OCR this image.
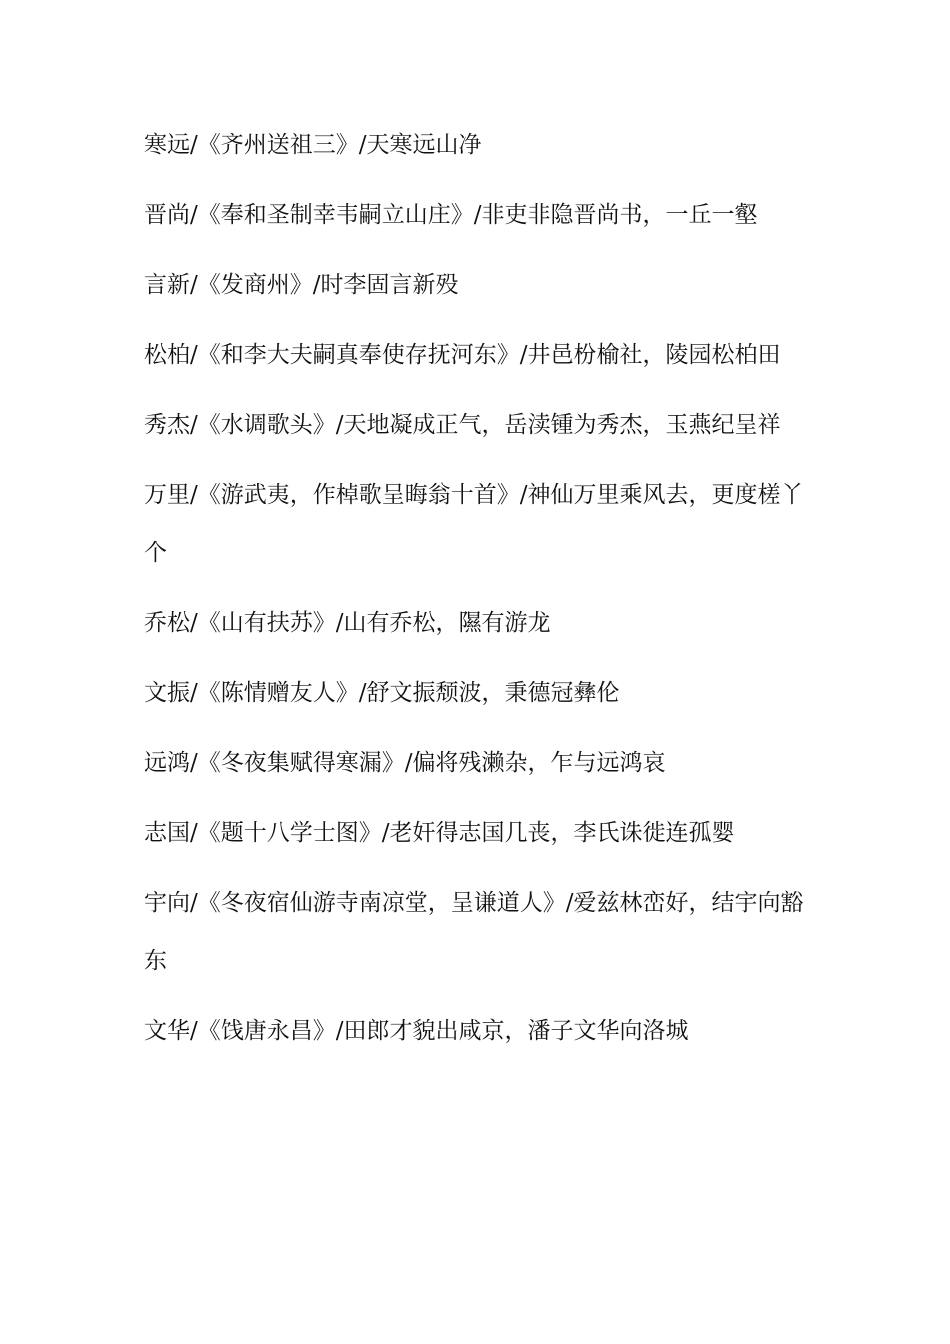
寒远/《齐州送祖三》/天寒远山净

晋尚/《奉和圣制幸韦嗣立山庄》/非吏非隐晋尚书，一丘一壑

言新/《发商州》/时李固言新殁

松柏/《和李大夫嗣真奉使存抚河东》/井邑枌榆社，陵园松柏田

秀杰/《水调歌头》/天地凝成正气，岳渎锺为秀杰，玉燕纪呈祥

万里/《游武夷，作棹歌呈晦翁十首》/神仙万里乘风去，更度槎丫个

乔松/《山有扶苏》/山有乔松，隰有游龙

文振/《陈情赠友人》/舒文振颓波，秉德冠彝伦

远鸿/《冬夜集赋得寒漏》/偏将残濑杂，乍与远鸿哀

志国/《题十八学士图》/老奸得志国几丧，李氏诛徙连孤婴

宇向/《冬夜宿仙游寺南凉堂，呈谦道人》/爱兹林峦好，结宇向豁东

文华/《饯唐永昌》/田郎才貌出咸京，潘子文华向洛城
